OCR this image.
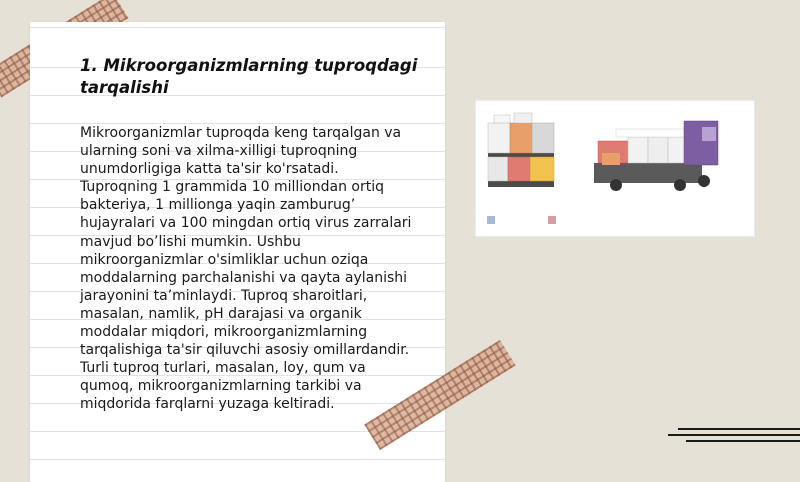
1. Mikroorganizmlarning tuproqdagi tarqalishi

Mikroorganizmlar tuproqda keng tarqalgan va ularning soni va xilma-xilligi tuproqning unumdorligiga katta ta'sir ko'rsatadi. Tuproqning 1 grammida 10 milliondan ortiq bakteriya, 1 millionga yaqin zamburug’ hujayralari va 100 mingdan ortiq virus zarralari mavjud bo’lishi mumkin. Ushbu mikroorganizmlar o'simliklar uchun oziqa moddalarning parchalanishi va qayta aylanishi jarayonini ta’minlaydi. Tuproq sharoitlari, masalan, namlik, pH darajasi va organik moddalar miqdori, mikroorganizmlarning tarqalishiga ta'sir qiluvchi asosiy omillardandir. Turli tuproq turlari, masalan, loy, qum va qumoq, mikroorganizmlarning tarkibi va miqdorida farqlarni yuzaga keltiradi.
